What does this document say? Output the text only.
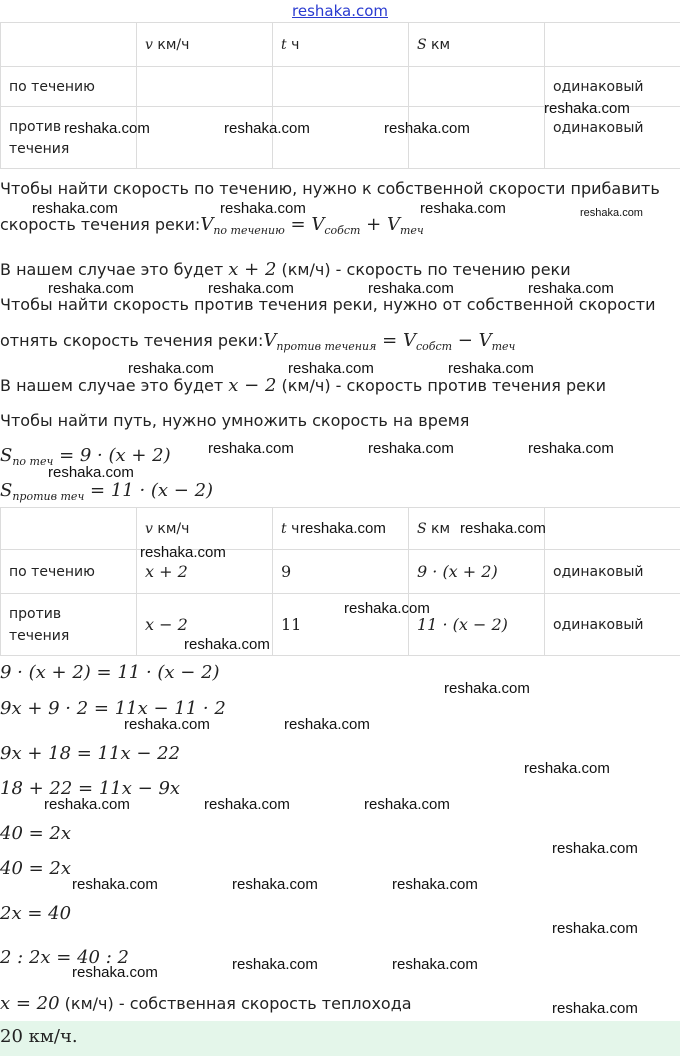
reshaka.com
	v км/ч	t ч	S км	
по течению				одинаковый
против
течения				одинаковый
Чтобы найти скорость по течению, нужно к собственной скорости прибавить
скорость течения $реки:V_{по течению} = V_{собст} + V_{теч}$
В нашем случае это будет x + 2 (км/ч) - скорость по течению реки
Чтобы найти скорость против течения реки, нужно от собственной скорости
отнять скорость течения $реки:V_{против течения} = V_{собст} - V_{теч}$
В нашем случае это будет x − 2 (км/ч) - скорость против течения реки
Чтобы найти путь, нужно умножить скорость на время
$S_{по теч} = 9 \cdot (x + 2)$
$S_{против теч} = 11 \cdot (x - 2)$
	v км/ч	t ч	S км	
по течению	x + 2	9	9 · (x + 2)	одинаковый
против
течения	x − 2	11	11 · (x − 2)	одинаковый
9 · (x + 2) = 11 · (x − 2)
9x + 9 · 2 = 11x − 11 · 2
9x + 18 = 11x − 22
18 + 22 = 11x − 9x
40 = 2x
40 = 2x
2x = 40
2 : 2x = 40 : 2
x = 20 (км/ч) - собственная скорость теплохода
20 км/ч.
reshaka.com
reshaka.com	reshaka.com	reshaka.com
reshaka.com	reshaka.com	reshaka.com	reshaka.com
reshaka.com	reshaka.com	reshaka.com	reshaka.com
reshaka.com	reshaka.com	reshaka.com
reshaka.com	reshaka.com	reshaka.com
reshaka.com
reshaka.com	reshaka.com
reshaka.com
reshaka.com
reshaka.com
reshaka.com
reshaka.com	reshaka.com
reshaka.com
reshaka.com	reshaka.com	reshaka.com
reshaka.com
reshaka.com	reshaka.com	reshaka.com
reshaka.com
reshaka.com	reshaka.com	reshaka.com
reshaka.com
